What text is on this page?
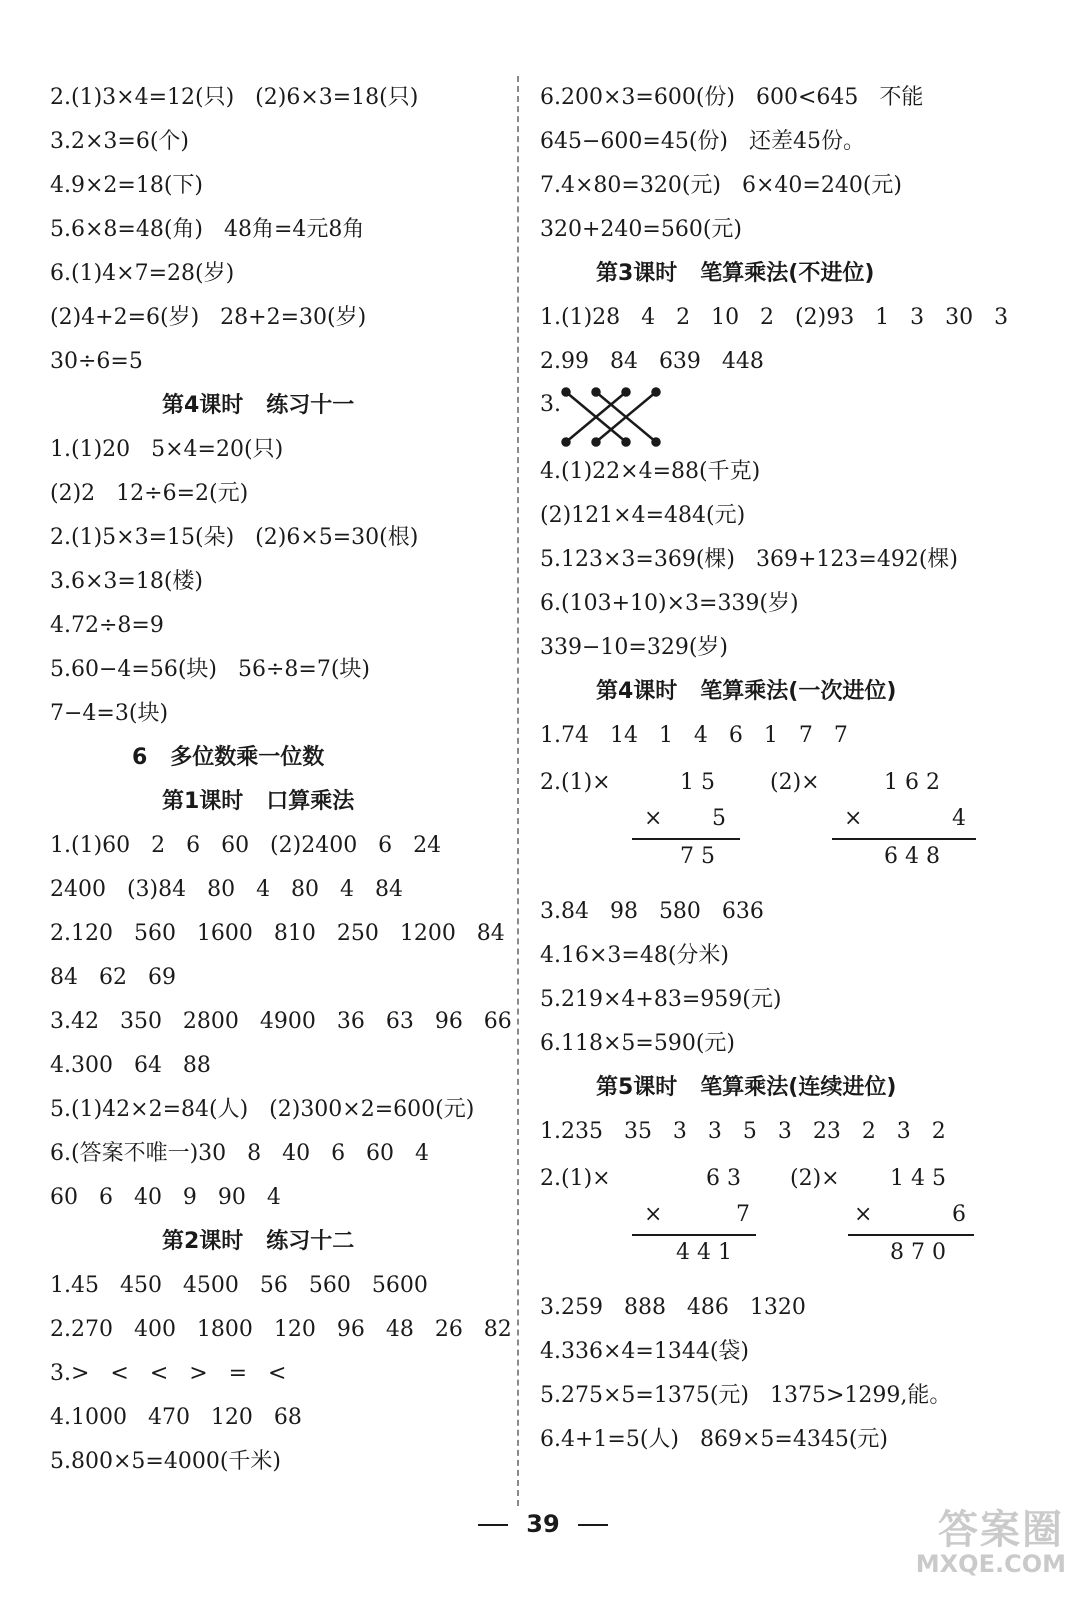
2.(1)3×4=12(只)   (2)6×3=18(只)
3.2×3=6(个)
4.9×2=18(下)
5.6×8=48(角)   48角=4元8角
6.(1)4×7=28(岁)
(2)4+2=6(岁)   28+2=30(岁)
30÷6=5
第4课时   练习十一
1.(1)20   5×4=20(只)
(2)2   12÷6=2(元)
2.(1)5×3=15(朵)   (2)6×5=30(根)
3.6×3=18(楼)
4.72÷8=9
5.60−4=56(块)   56÷8=7(块)
7−4=3(块)
6   多位数乘一位数
第1课时   口算乘法
1.(1)60   2   6   60   (2)2400   6   24
2400   (3)84   80   4   80   4   84
2.120   560   1600   810   250   1200   84
84   62   69
3.42   350   2800   4900   36   63   96   66
4.300   64   88
5.(1)42×2=84(人)   (2)300×2=600(元)
6.(答案不唯一)30   8   40   6   60   4
60   6   40   9   90   4
第2课时   练习十二
1.45   450   4500   56   560   5600
2.270   400   1800   120   96   48   26   82
3.>   <   <   >   =   <
4.1000   470   120   68
5.800×5=4000(千米)
6.200×3=600(份)   600<645   不能
645−600=45(份)   还差45份。
7.4×80=320(元)   6×40=240(元)
320+240=560(元)
第3课时   笔算乘法(不进位)
1.(1)28   4   2   10   2   (2)93   1   3   30   3
2.99   84   639   448
3.
4.(1)22×4=88(千克)
(2)121×4=484(元)
5.123×3=369(棵)   369+123=492(棵)
6.(103+10)×3=339(岁)
339−10=329(岁)
第4课时   笔算乘法(一次进位)
1.74   14   1   4   6   1   7   7
2.(1)×	1 5
× 5
7 5
(2)×	1 6 2
×	4
6 4 8
3.84   98   580   636
4.16×3=48(分米)
5.219×4+83=959(元)
6.118×5=590(元)
第5课时   笔算乘法(连续进位)
1.235   35   3   3   5   3   23   2   3   2
2.(1)×	6 3
×	7
4 4 1
(2)× 1 4 5
×	6
8 7 0
3.259   888   486   1320
4.336×4=1344(袋)
5.275×5=1375(元)   1375>1299,能。
6.4+1=5(人)   869×5=4345(元)
39	答案圈
MXQE.COM
